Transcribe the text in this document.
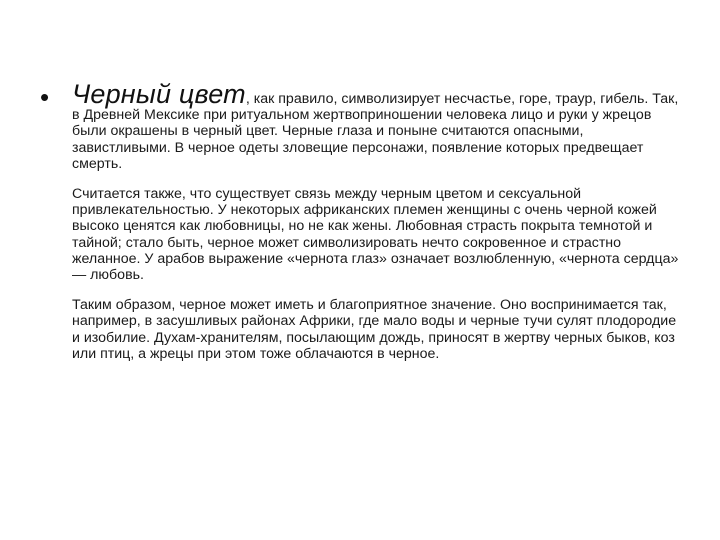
• Черный цвет, как правило, символизирует несчастье, горе, траур, гибель. Так, в Древней Мексике при ритуальном жертвоприношении человека лицо и руки у жрецов были окрашены в черный цвет. Черные глаза и поныне считаются опасными, завистливыми. В черное одеты зловещие персонажи, появление которых предвещает смерть.

Считается также, что существует связь между черным цветом и сексуальной привлекательностью. У некоторых африканских племен женщины с очень черной кожей высоко ценятся как любовницы, но не как жены. Любовная страсть покрыта темнотой и тайной; стало быть, черное может символизировать нечто сокровенное и страстно желанное. У арабов выражение «чернота глаз» означает возлюбленную, «чернота сердца» — любовь.

Таким образом, черное может иметь и благоприятное значение. Оно воспринимается так, например, в засушливых районах Африки, где мало воды и черные тучи сулят плодородие и изобилие. Духам-хранителям, посылающим дождь, приносят в жертву черных быков, коз или птиц, а жрецы при этом тоже облачаются в черное.
